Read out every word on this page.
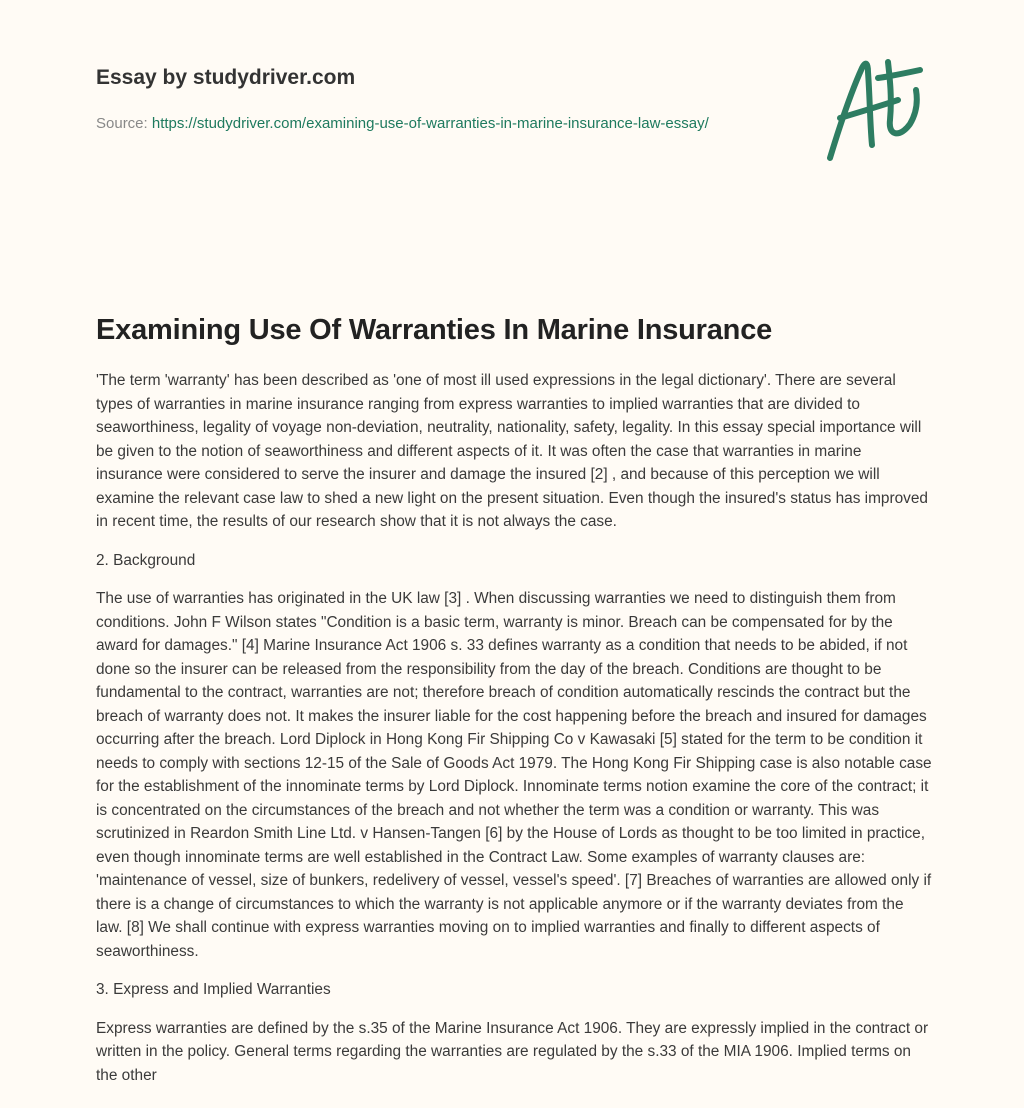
Essay by studydriver.com
Source: https://studydriver.com/examining-use-of-warranties-in-marine-insurance-law-essay/
Examining Use Of Warranties In Marine Insurance

'The term 'warranty' has been described as 'one of most ill used expressions in the legal dictionary'. There are several types of warranties in marine insurance ranging from express warranties to implied warranties that are divided to seaworthiness, legality of voyage non-deviation, neutrality, nationality, safety, legality. In this essay special importance will be given to the notion of seaworthiness and different aspects of it. It was often the case that warranties in marine insurance were considered to serve the insurer and damage the insured [2] , and because of this perception we will examine the relevant case law to shed a new light on the present situation. Even though the insured's status has improved in recent time, the results of our research show that it is not always the case.

2. Background

The use of warranties has originated in the UK law [3] . When discussing warranties we need to distinguish them from conditions. John F Wilson states "Condition is a basic term, warranty is minor. Breach can be compensated for by the award for damages." [4] Marine Insurance Act 1906 s. 33 defines warranty as a condition that needs to be abided, if not done so the insurer can be released from the responsibility from the day of the breach. Conditions are thought to be fundamental to the contract, warranties are not; therefore breach of condition automatically rescinds the contract but the breach of warranty does not. It makes the insurer liable for the cost happening before the breach and insured for damages occurring after the breach. Lord Diplock in Hong Kong Fir Shipping Co v Kawasaki [5] stated for the term to be condition it needs to comply with sections 12-15 of the Sale of Goods Act 1979. The Hong Kong Fir Shipping case is also notable case for the establishment of the innominate terms by Lord Diplock. Innominate terms notion examine the core of the contract; it is concentrated on the circumstances of the breach and not whether the term was a condition or warranty. This was scrutinized in Reardon Smith Line Ltd. v Hansen-Tangen [6] by the House of Lords as thought to be too limited in practice, even though innominate terms are well established in the Contract Law. Some examples of warranty clauses are: 'maintenance of vessel, size of bunkers, redelivery of vessel, vessel's speed'. [7] Breaches of warranties are allowed only if there is a change of circumstances to which the warranty is not applicable anymore or if the warranty deviates from the law. [8] We shall continue with express warranties moving on to implied warranties and finally to different aspects of seaworthiness.

3. Express and Implied Warranties

Express warranties are defined by the s.35 of the Marine Insurance Act 1906. They are expressly implied in the contract or written in the policy. General terms regarding the warranties are regulated by the s.33 of the MIA 1906. Implied terms on the other
